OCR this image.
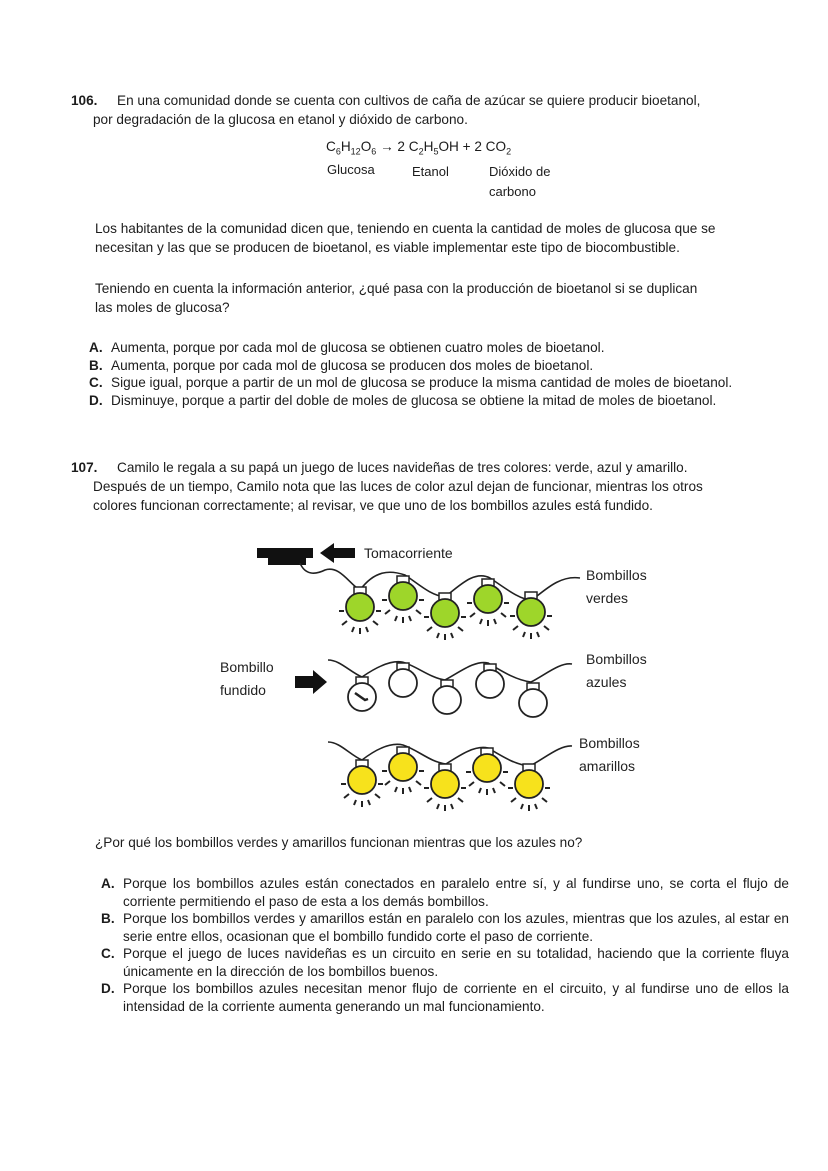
106. En una comunidad donde se cuenta con cultivos de caña de azúcar se quiere producir bioetanol,
por degradación de la glucosa en etanol y dióxido de carbono.
$C_6H_{12}O_6 \to 2$ $C_2H_5OH + 2$ $CO_2$
Glucosa	Etanol	Dióxido de
carbono
Los habitantes de la comunidad dicen que, teniendo en cuenta la cantidad de moles de glucosa que se
necesitan y las que se producen de bioetanol, es viable implementar este tipo de biocombustible.
Teniendo en cuenta la información anterior, ¿qué pasa con la producción de bioetanol si se duplican
las moles de glucosa?
A. Aumenta, porque por cada mol de glucosa se obtienen cuatro moles de bioetanol.
B. Aumenta, porque por cada mol de glucosa se producen dos moles de bioetanol.
C. Sigue igual, porque a partir de un mol de glucosa se produce la misma cantidad de moles de bioetanol.
D. Disminuye, porque a partir del doble de moles de glucosa se obtiene la mitad de moles de bioetanol.
107. Camilo le regala a su papá un juego de luces navideñas de tres colores: verde, azul y amarillo.
Después de un tiempo, Camilo nota que las luces de color azul dejan de funcionar, mientras los otros
colores funcionan correctamente; al revisar, ve que uno de los bombillos azules está fundido.
Tomacorriente
Bombillos
verdes
Bombillo
fundido
Bombillos
azules
Bombillos
amarillos
¿Por qué los bombillos verdes y amarillos funcionan mientras que los azules no?
A. Porque los bombillos azules están conectados en paralelo entre sí, y al fundirse uno, se corta el flujo de corriente permitiendo el paso de esta a los demás bombillos.
B. Porque los bombillos verdes y amarillos están en paralelo con los azules, mientras que los azules, al estar en serie entre ellos, ocasionan que el bombillo fundido corte el paso de corriente.
C. Porque el juego de luces navideñas es un circuito en serie en su totalidad, haciendo que la corriente fluya únicamente en la dirección de los bombillos buenos.
D. Porque los bombillos azules necesitan menor flujo de corriente en el circuito, y al fundirse uno de ellos la intensidad de la corriente aumenta generando un mal funcionamiento.
